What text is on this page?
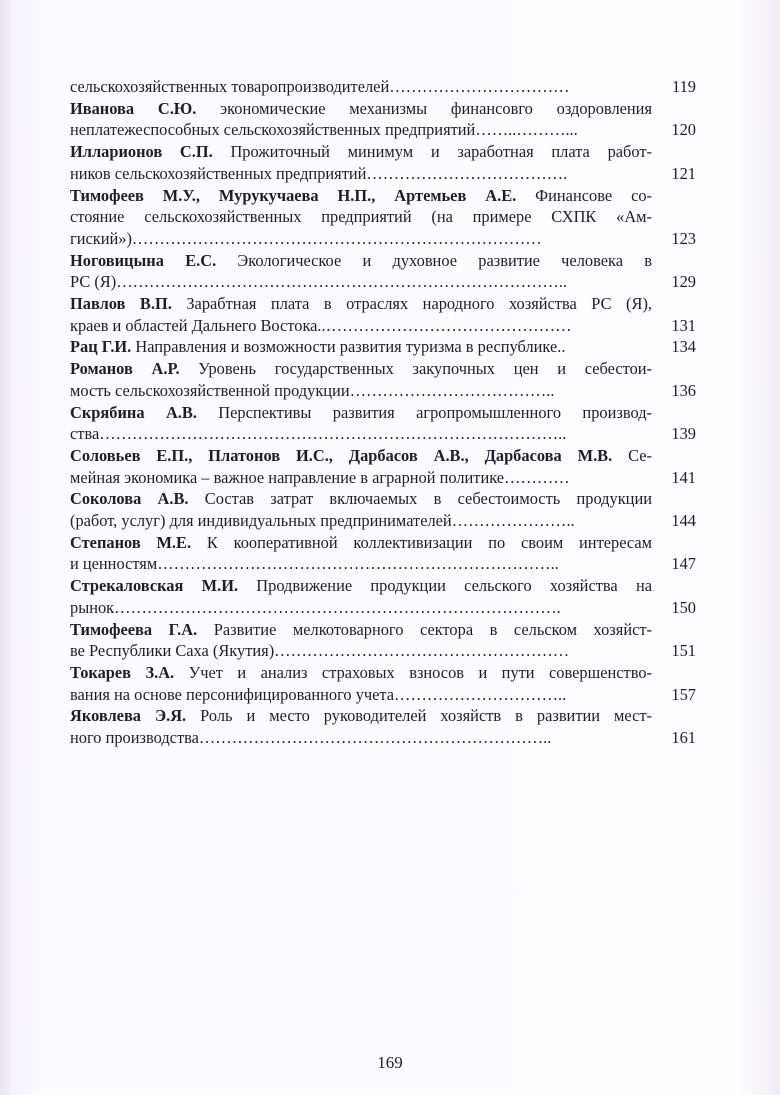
сельскохозяйственных товаропроизводителей……………………………	119
Иванова С.Ю. экономические механизмы финансовго оздоровления
неплатежеспособных сельскохозяйственных предприятий……..………...	120
Илларионов С.П. Прожиточный минимум и заработная плата работ-
ников сельскохозяйственных предприятий……………………………….	121
Тимофеев М.У., Мурукучаева Н.П., Артемьев А.Е. Финансове со-
стояние сельскохозяйственных предприятий (на примере СХПК «Ам-
гиский»)…………………………………………………………………	123
Ноговицына Е.С. Экологическое и духовное развитие человека в
РС (Я)………………………………………………………………………..	129
Павлов В.П. Зарабтная плата в отраслях народного хозяйства РС (Я),
краев и областей Дальнего Востока..………………………………………	131
Рац Г.И. Направления и возможности развития туризма в республике..	134
Романов А.Р. Уровень государственных закупочных цен и себестои-
мость сельскохозяйственной продукции………………………………..	136
Скрябина А.В. Перспективы развития агропромышленного производ-
ства…………………………………………………………………………..	139
Соловьев Е.П., Платонов И.С., Дарбасов А.В., Дарбасова М.В. Се-
мейная экономика – важное направление в аграрной политике…………	141
Соколова А.В. Состав затрат включаемых в себестоимость продукции
(работ, услуг) для индивидуальных предпринимателей…………………..	144
Степанов М.Е. К кооперативной коллективизации по своим интересам
и ценностям………………………………………………………………..	147
Стрекаловская М.И. Продвижение продукции сельского хозяйства на
рынок……………………………………………………………………….	150
Тимофеева Г.А. Развитие мелкотоварного сектора в сельском хозяйст-
ве Республики Саха (Якутия)………………………………………………	151
Токарев З.А. Учет и анализ страховых взносов и пути совершенство-
вания на основе персонифицированного учета…………………………..	157
Яковлева Э.Я. Роль и место руководителей хозяйств в развитии мест-
ного производства………………………………………………………..	161
169
